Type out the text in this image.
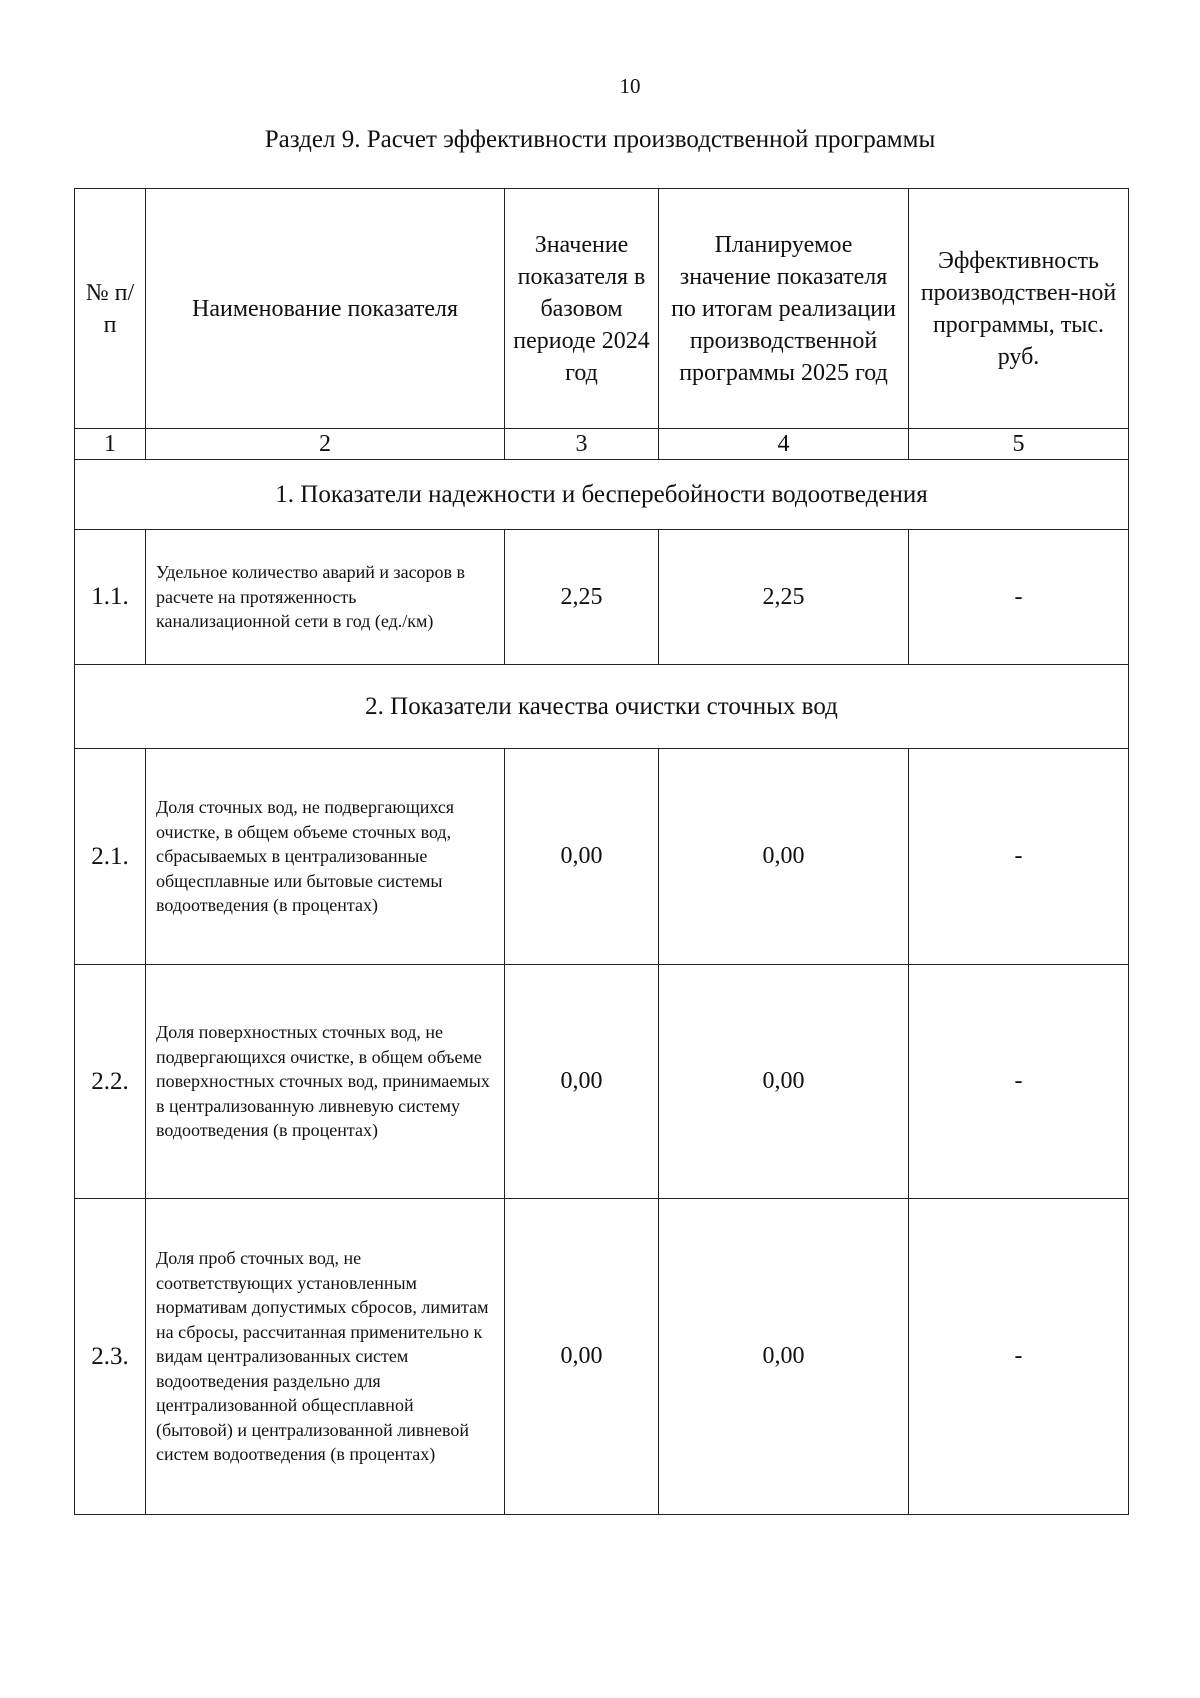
10
Раздел 9. Расчет эффективности производственной программы
№ п/п	Наименование показателя	Значение показателя в базовом периоде 2024 год	Планируемое значение показателя по итогам реализации производственной программы 2025 год	Эффективность производствен-ной программы, тыс. руб.
1	2	3	4	5
1. Показатели надежности и бесперебойности водоотведения				
1.1.	Удельное количество аварий и засоров в расчете на протяженность канализационной сети в год (ед./км)	2,25	2,25	-
2. Показатели качества очистки сточных вод				
2.1.	Доля сточных вод, не подвергающихся очистке, в общем объеме сточных вод, сбрасываемых в централизованные общесплавные или бытовые системы водоотведения (в процентах)	0,00	0,00	-
2.2.	Доля поверхностных сточных вод, не подвергающихся очистке, в общем объеме поверхностных сточных вод, принимаемых в централизованную ливневую систему водоотведения (в процентах)	0,00	0,00	-
2.3.	Доля проб сточных вод, не соответствующих установленным нормативам допустимых сбросов, лимитам на сбросы, рассчитанная применительно к видам централизованных систем водоотведения раздельно для централизованной общесплавной (бытовой) и централизованной ливневой систем водоотведения (в процентах)	0,00	0,00	-
